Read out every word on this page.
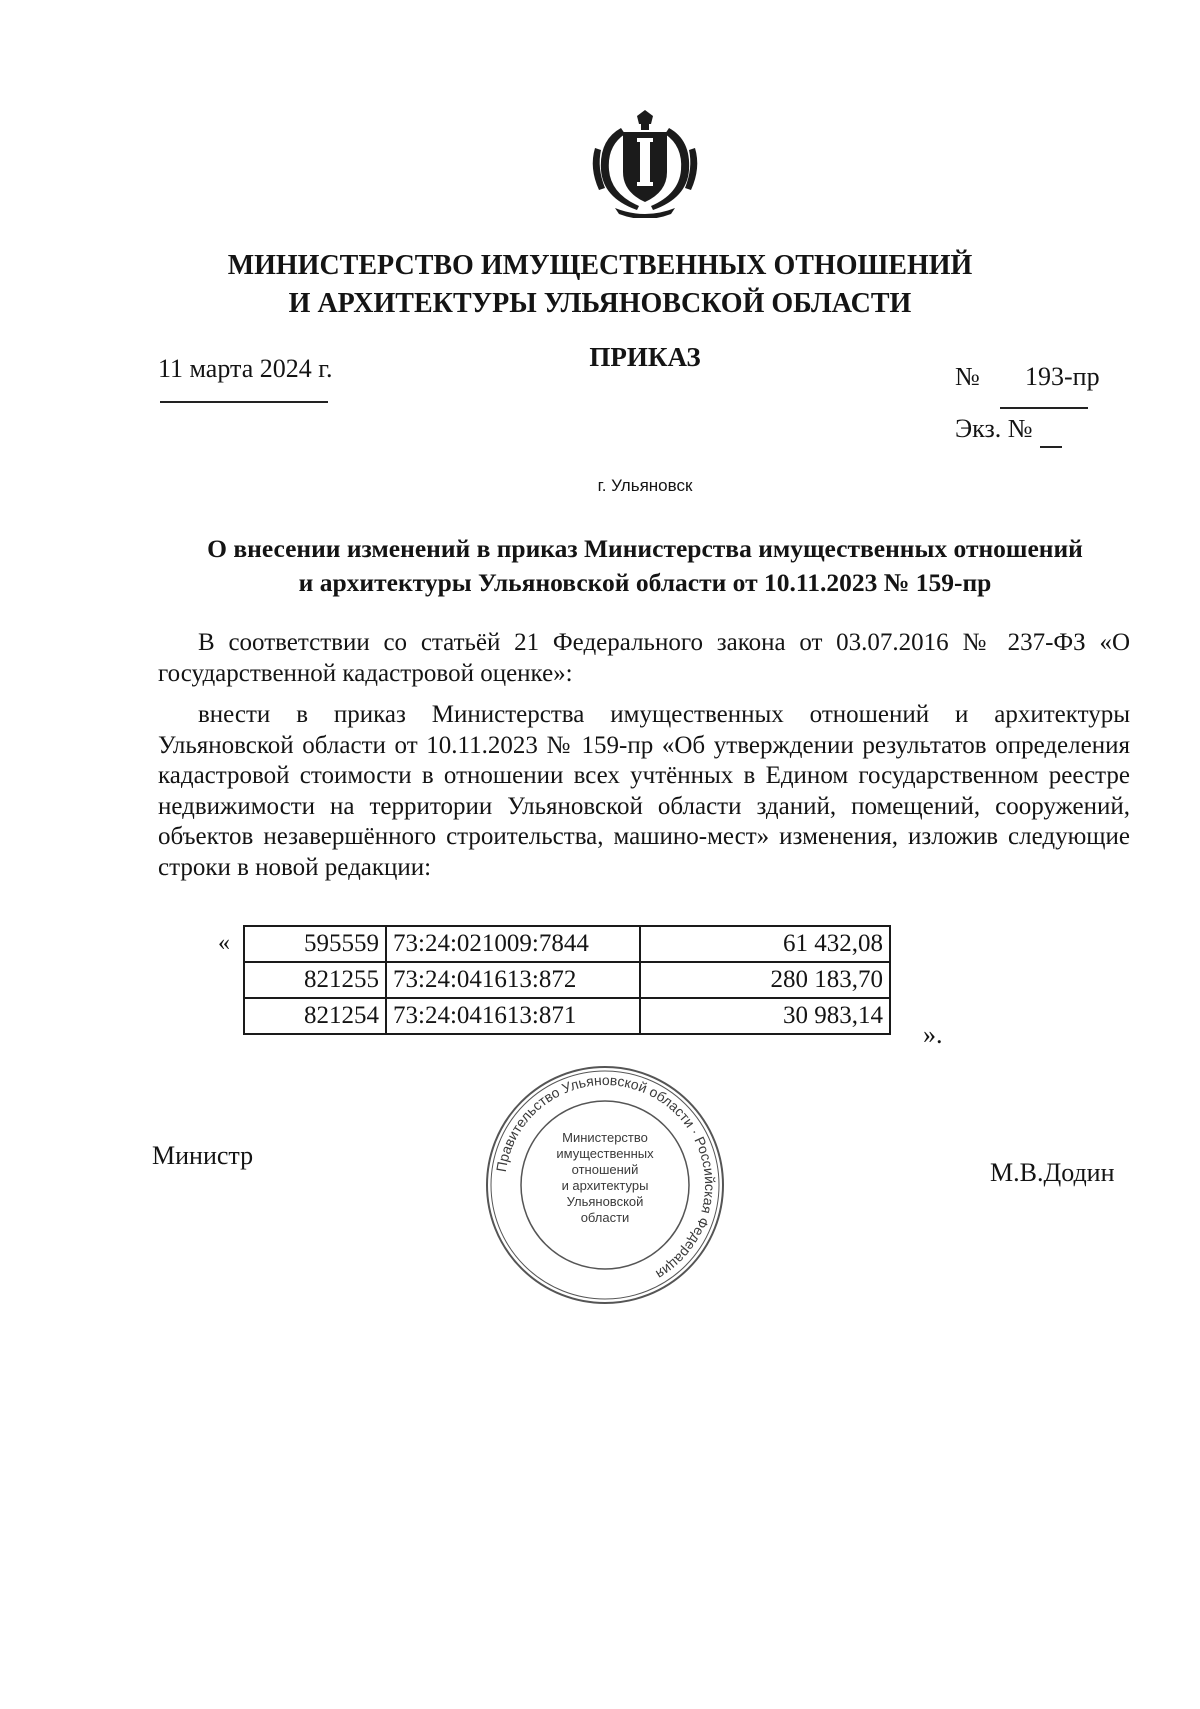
МИНИСТЕРСТВО ИМУЩЕСТВЕННЫХ ОТНОШЕНИЙ
И АРХИТЕКТУРЫ УЛЬЯНОВСКОЙ ОБЛАСТИ
ПРИКАЗ
11 марта 2024 г.	№ 193-пр
Экз. №
г. Ульяновск
О внесении изменений в приказ Министерства имущественных отношений
и архитектуры Ульяновской области от 10.11.2023 № 159-пр
В соответствии со статьёй 21 Федерального закона от 03.07.2016 № 237-ФЗ «О государственной кадастровой оценке»:
внести в приказ Министерства имущественных отношений и архитектуры Ульяновской области от 10.11.2023 № 159-пр «Об утверждении результатов определения кадастровой стоимости в отношении всех учтённых в Едином государственном реестре недвижимости на территории Ульяновской области зданий, помещений, сооружений, объектов незавершённого строительства, машино-мест» изменения, изложив следующие строки в новой редакции:
«	595559	73:24:021009:7844	61 432,08
821255	73:24:041613:872	280 183,70
821254	73:24:041613:871	30 983,14
».
Министр
М.В.Додин
Правительство Ульяновской области · Российская Федерация
Министерство
имущественных
отношений
и архитектуры
Ульяновской
области
